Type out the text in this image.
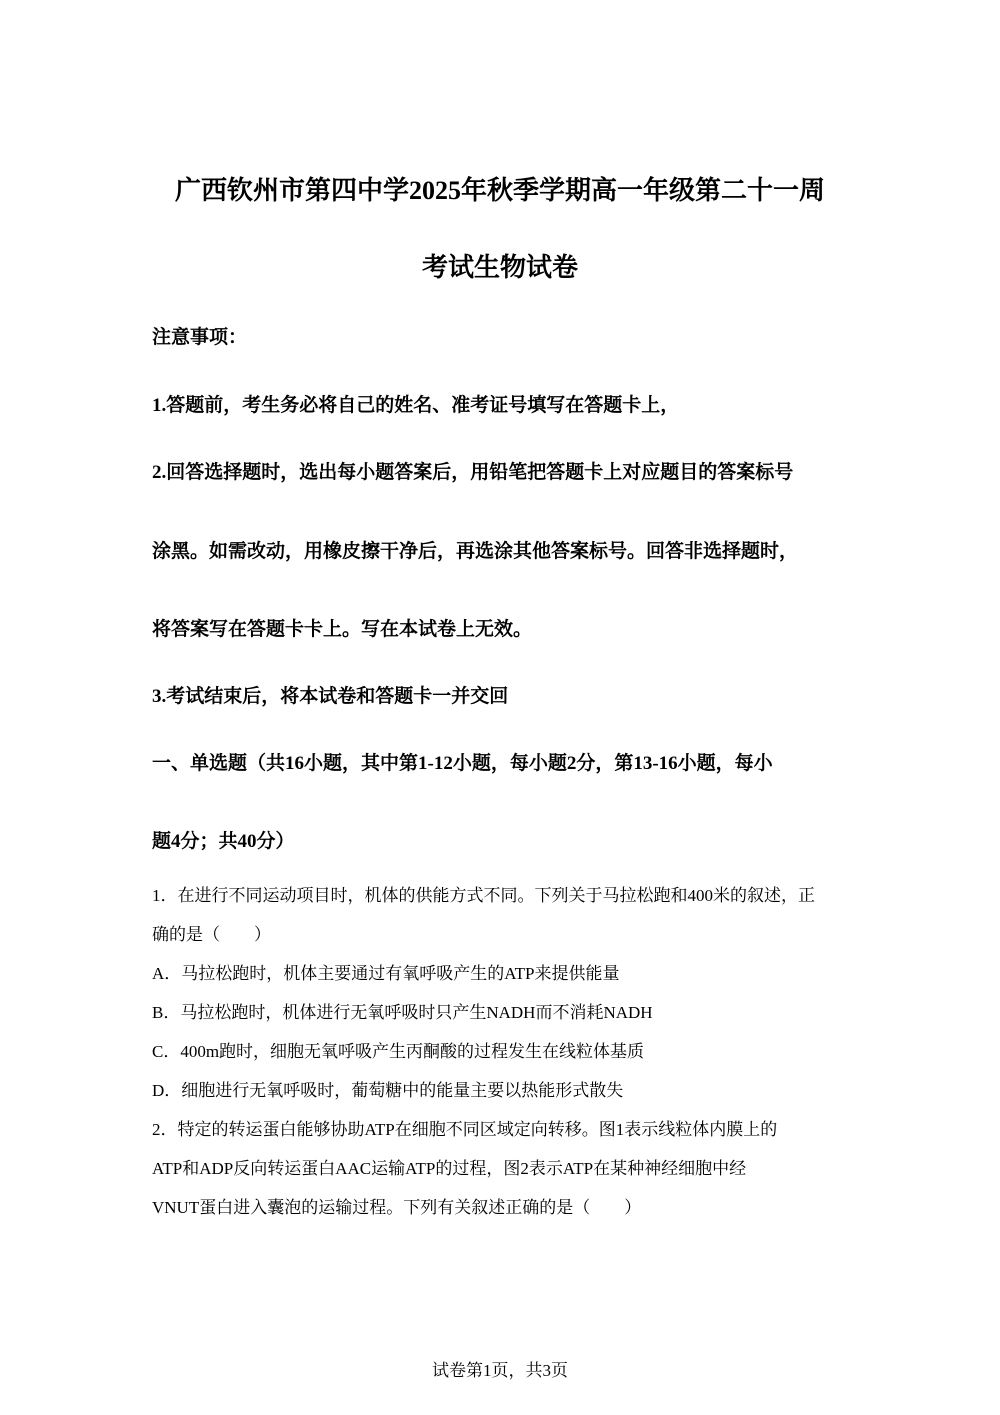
广西钦州市第四中学2025年秋季学期高一年级第二十一周
考试生物试卷
注意事项：
1.答题前，考生务必将自己的姓名、准考证号填写在答题卡上，
2.回答选择题时，选出每小题答案后，用铅笔把答题卡上对应题目的答案标号
涂黑。如需改动，用橡皮擦干净后，再选涂其他答案标号。回答非选择题时，
将答案写在答题卡卡上。写在本试卷上无效。
3.考试结束后，将本试卷和答题卡一并交回
一、单选题（共16小题，其中第1-12小题，每小题2分，第13-16小题，每小
题4分；共40分）
1．在进行不同运动项目时，机体的供能方式不同。下列关于马拉松跑和400米的叙述，正
确的是（　　）
A．马拉松跑时，机体主要通过有氧呼吸产生的ATP来提供能量
B．马拉松跑时，机体进行无氧呼吸时只产生NADH而不消耗NADH
C．400m跑时，细胞无氧呼吸产生丙酮酸的过程发生在线粒体基质
D．细胞进行无氧呼吸时，葡萄糖中的能量主要以热能形式散失
2．特定的转运蛋白能够协助ATP在细胞不同区域定向转移。图1表示线粒体内膜上的
ATP和ADP反向转运蛋白AAC运输ATP的过程，图2表示ATP在某种神经细胞中经
VNUT蛋白进入囊泡的运输过程。下列有关叙述正确的是（　　）
试卷第1页，共3页
